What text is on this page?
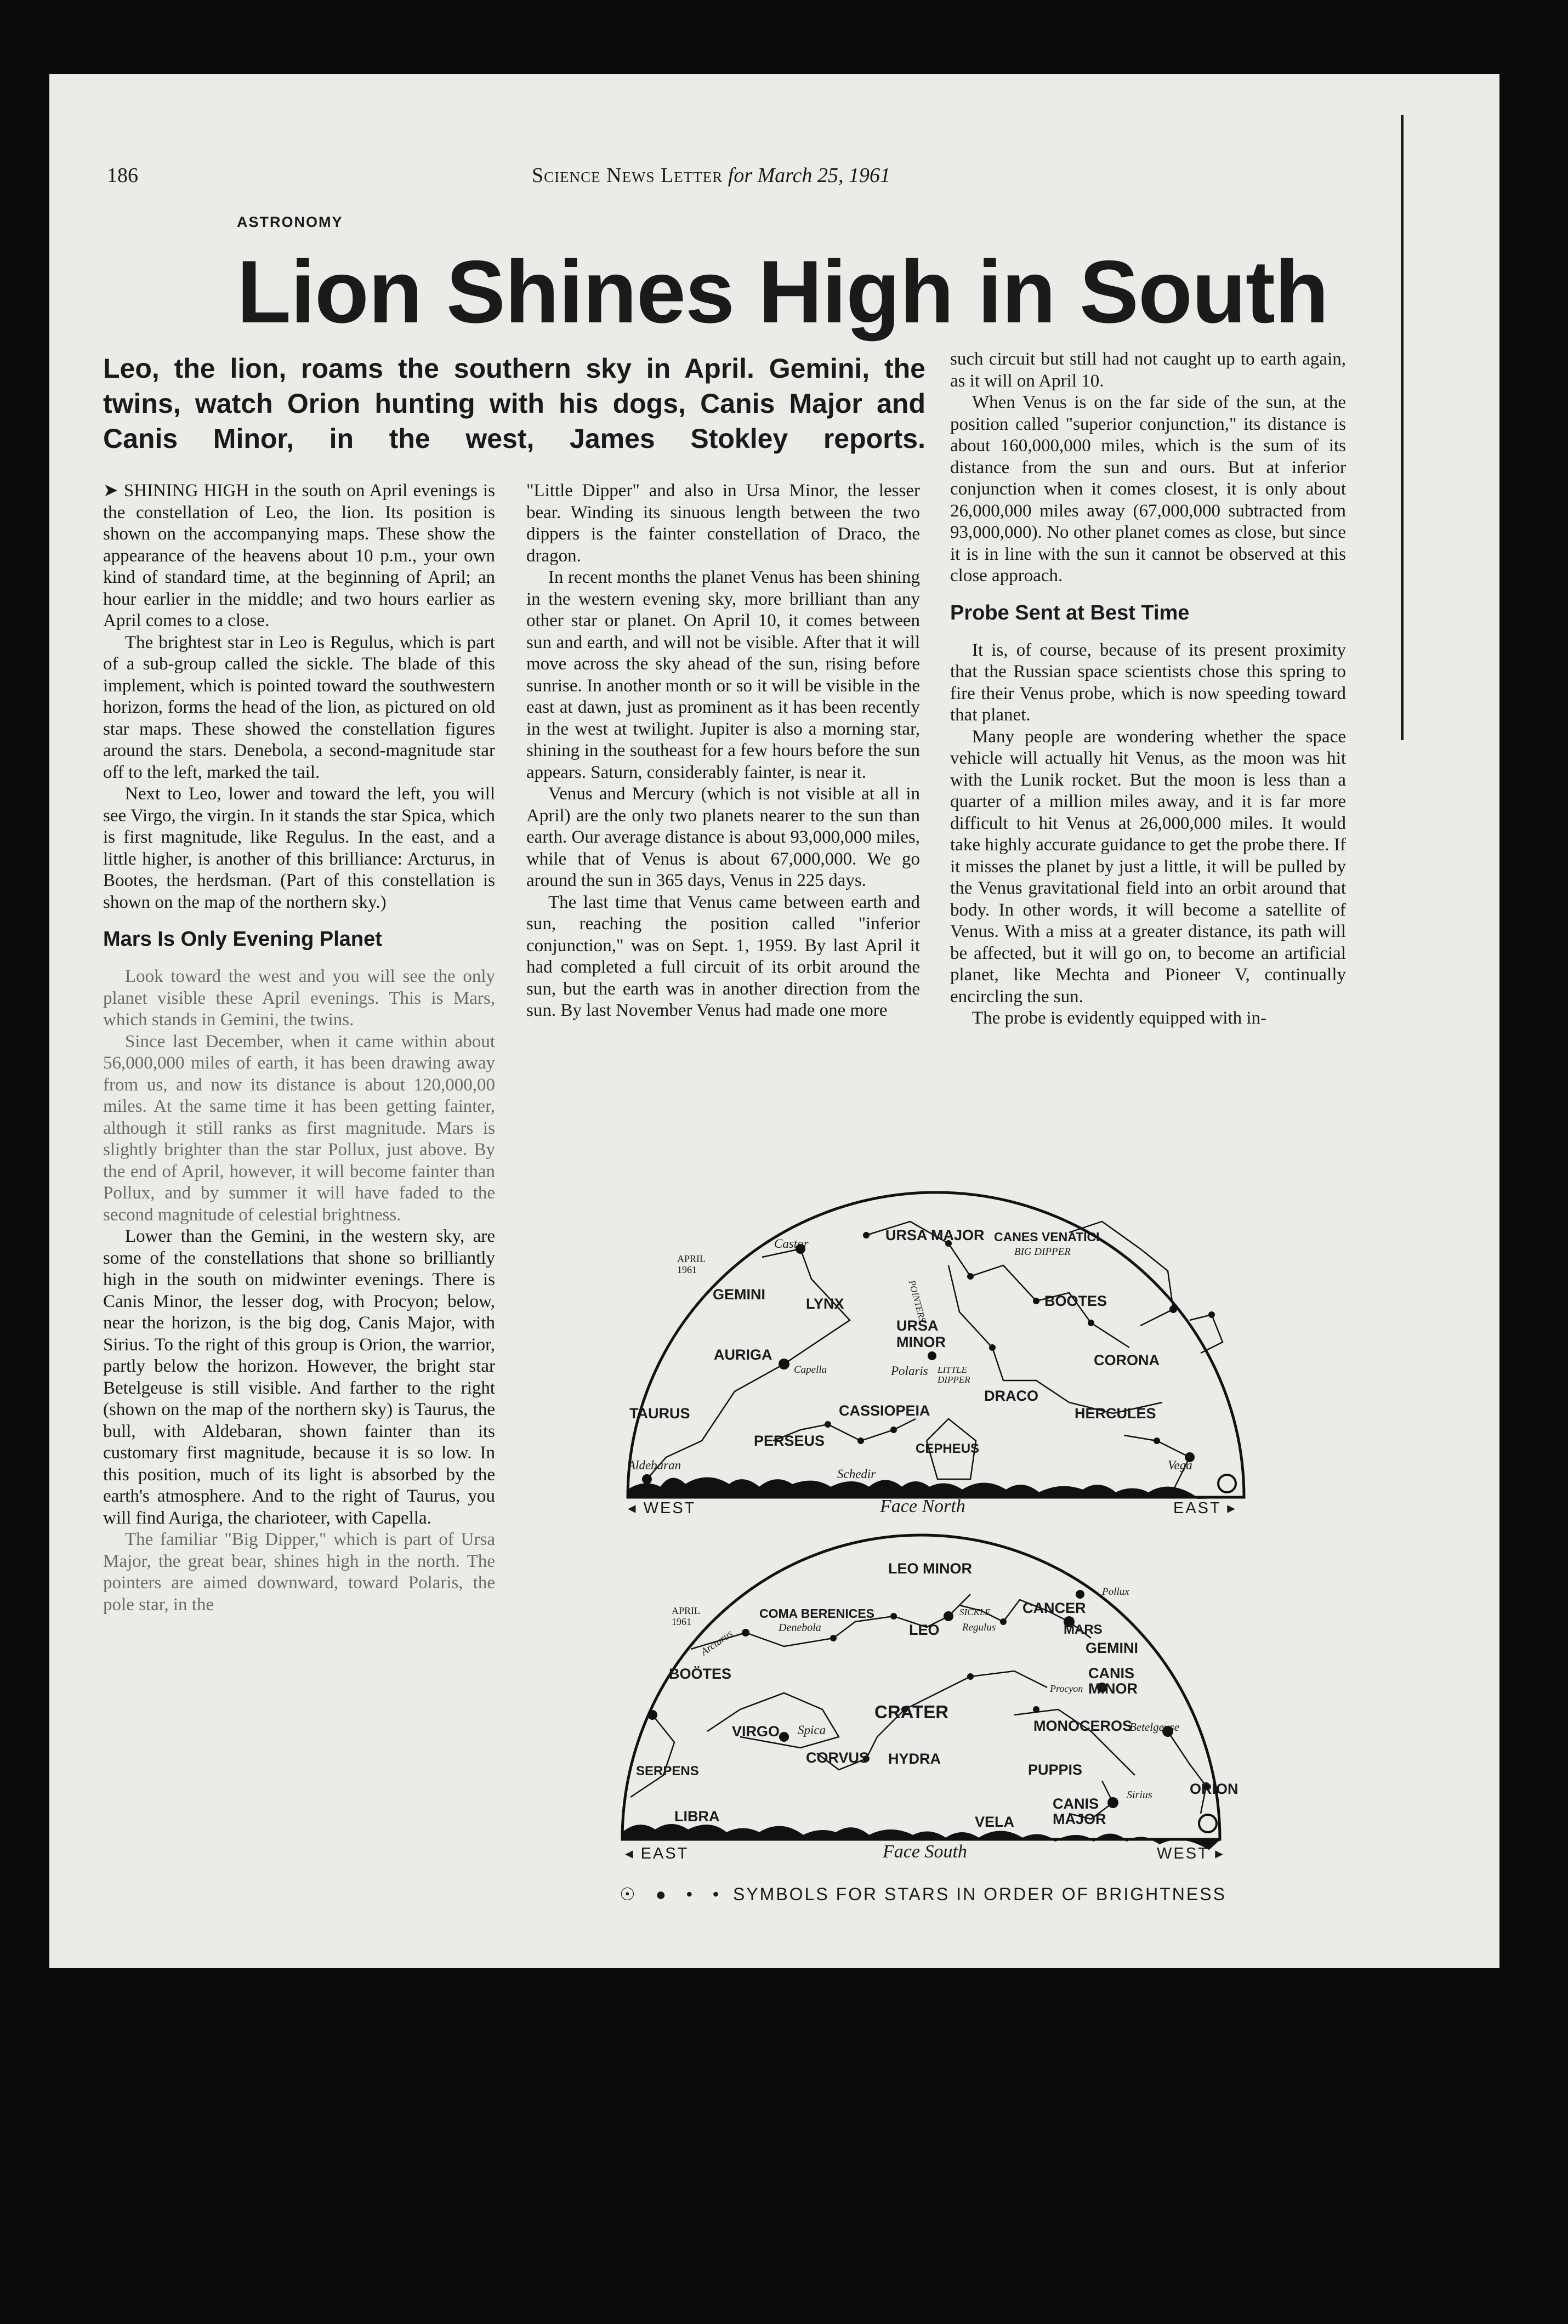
186	Science News Letter for March 25, 1961
ASTRONOMY
Lion Shines High in South
Leo, the lion, roams the southern sky in April. Gemini, the twins, watch Orion hunting with his dogs, Canis Major and Canis Minor, in the west, James Stokley reports.

➤ SHINING HIGH in the south on April evenings is the constellation of Leo, the lion. Its position is shown on the accompanying maps. These show the appearance of the heavens about 10 p.m., your own kind of standard time, at the beginning of April; an hour earlier in the middle; and two hours earlier as April comes to a close.

The brightest star in Leo is Regulus, which is part of a sub-group called the sickle. The blade of this implement, which is pointed toward the southwestern horizon, forms the head of the lion, as pictured on old star maps. These showed the constellation figures around the stars. Denebola, a second-magnitude star off to the left, marked the tail.

Next to Leo, lower and toward the left, you will see Virgo, the virgin. In it stands the star Spica, which is first magnitude, like Regulus. In the east, and a little higher, is another of this brilliance: Arcturus, in Bootes, the herdsman. (Part of this constellation is shown on the map of the northern sky.)

Mars Is Only Evening Planet

Look toward the west and you will see the only planet visible these April evenings. This is Mars, which stands in Gemini, the twins.

Since last December, when it came within about 56,000,000 miles of earth, it has been drawing away from us, and now its distance is about 120,000,00 miles. At the same time it has been getting fainter, although it still ranks as first magnitude. Mars is slightly brighter than the star Pollux, just above. By the end of April, however, it will become fainter than Pollux, and by summer it will have faded to the second magnitude of celestial brightness.

Lower than the Gemini, in the western sky, are some of the constellations that shone so brilliantly high in the south on midwinter evenings. There is Canis Minor, the lesser dog, with Procyon; below, near the horizon, is the big dog, Canis Major, with Sirius. To the right of this group is Orion, the warrior, partly below the horizon. However, the bright star Betelgeuse is still visible. And farther to the right (shown on the map of the northern sky) is Taurus, the bull, with Aldebaran, shown fainter than its customary first magnitude, because it is so low. In this position, much of its light is absorbed by the earth's atmosphere. And to the right of Taurus, you will find Auriga, the charioteer, with Capella.

The familiar "Big Dipper," which is part of Ursa Major, the great bear, shines high in the north. The pointers are aimed downward, toward Polaris, the pole star, in the

"Little Dipper" and also in Ursa Minor, the lesser bear. Winding its sinuous length between the two dippers is the fainter constellation of Draco, the dragon.

In recent months the planet Venus has been shining in the western evening sky, more brilliant than any other star or planet. On April 10, it comes between sun and earth, and will not be visible. After that it will move across the sky ahead of the sun, rising before sunrise. In another month or so it will be visible in the east at dawn, just as prominent as it has been recently in the west at twilight. Jupiter is also a morning star, shining in the southeast for a few hours before the sun appears. Saturn, considerably fainter, is near it.

Venus and Mercury (which is not visible at all in April) are the only two planets nearer to the sun than earth. Our average distance is about 93,000,000 miles, while that of Venus is about 67,000,000. We go around the sun in 365 days, Venus in 225 days.

The last time that Venus came between earth and sun, reaching the position called "inferior conjunction," was on Sept. 1, 1959. By last April it had completed a full circuit of its orbit around the sun, but the earth was in another direction from the sun. By last November Venus had made one more

such circuit but still had not caught up to earth again, as it will on April 10.

When Venus is on the far side of the sun, at the position called "superior conjunction," its distance is about 160,000,000 miles, which is the sum of its distance from the sun and ours. But at inferior conjunction when it comes closest, it is only about 26,000,000 miles away (67,000,000 subtracted from 93,000,000). No other planet comes as close, but since it is in line with the sun it cannot be observed at this close approach.

Probe Sent at Best Time

It is, of course, because of its present proximity that the Russian space scientists chose this spring to fire their Venus probe, which is now speeding toward that planet.

Many people are wondering whether the space vehicle will actually hit Venus, as the moon was hit with the Lunik rocket. But the moon is less than a quarter of a million miles away, and it is far more difficult to hit Venus at 26,000,000 miles. It would take highly accurate guidance to get the probe there. If it misses the planet by just a little, it will be pulled by the Venus gravitational field into an orbit around that body. In other words, it will become a satellite of Venus. With a miss at a greater distance, its path will be affected, but it will go on, to become an artificial planet, like Mechta and Pioneer V, continually encircling the sun.

The probe is evidently equipped with in-

APRIL
1961
URSA MAJOR CANES VENATICI
BIG DIPPER
Castor
GEMINI
LYNX	POINTERS	BOOTES
URSA
MINOR
AURIGA
Capella	Polaris LITTLE
DIPPER
CORONA
DRACO
HERCULES
TAURUS	CASSIOPEIA
PERSEUS	CEPHEUS
Aldebaran
Schedir
Vega
◂ WEST	Face North	EAST ▸
APRIL
1961
LEO MINOR
COMA BERENICES
Denebola	LEO
SICKLE
Regulus
Pollux
CANCER
MARS
GEMINI
Arcturus
BOÖTES	CANIS
MINOR
Procyon
CRATER
VIRGO Spica	MONOCEROS
Betelgeuse
CORVUS HYDRA
SERPENS	PUPPIS
ORION
Sirius
CANIS
MAJOR
LIBRA	VELA
◂ EAST	Face South	WEST ▸
☉ ● • • SYMBOLS FOR STARS IN ORDER OF BRIGHTNESS
